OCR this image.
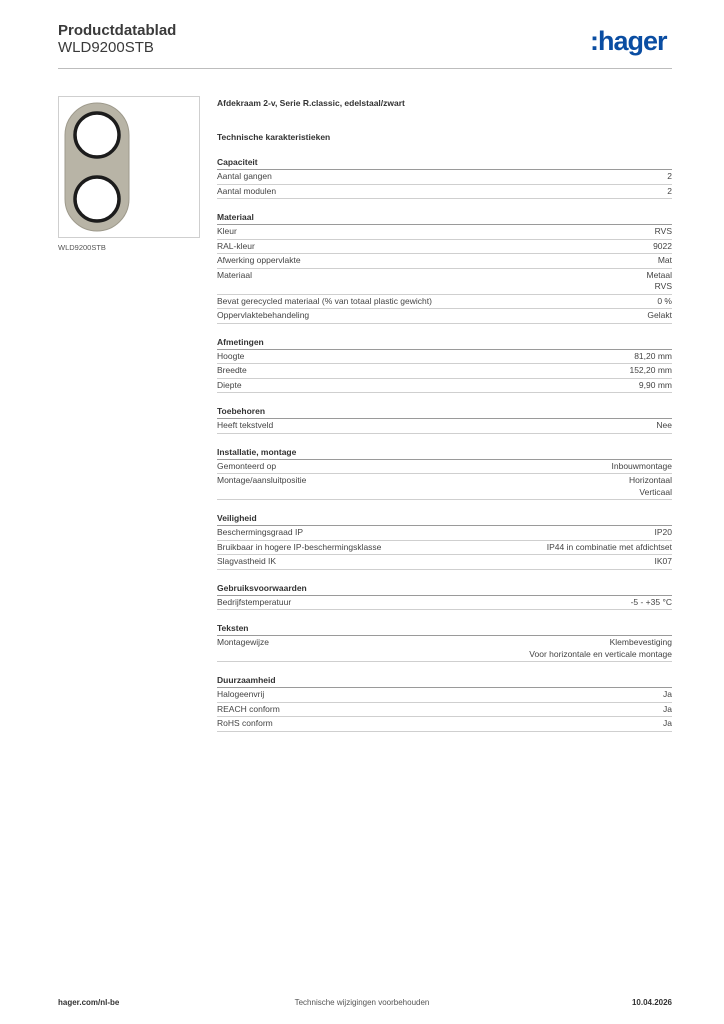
Productdatablad
WLD9200STB	:hager
WLD9200STB
Afdekraam 2-v, Serie R.classic, edelstaal/zwart
Technische karakteristieken
Capaciteit
Aantal gangen	2
Aantal modulen	2
Materiaal
Kleur	RVS
RAL-kleur	9022
Afwerking oppervlakte	Mat
Materiaal	Metaal
RVS
Bevat gerecycled materiaal (% van totaal plastic gewicht)	0 %
Oppervlaktebehandeling	Gelakt
Afmetingen
Hoogte	81,20 mm
Breedte	152,20 mm
Diepte	9,90 mm
Toebehoren
Heeft tekstveld	Nee
Installatie, montage
Gemonteerd op	Inbouwmontage
Montage/aansluitpositie	Horizontaal
Verticaal
Veiligheid
Beschermingsgraad IP	IP20
Bruikbaar in hogere IP-beschermingsklasse	IP44 in combinatie met afdichtset
Slagvastheid IK	IK07
Gebruiksvoorwaarden
Bedrijfstemperatuur	-5 - +35 °C
Teksten
Montagewijze	Klembevestiging
Voor horizontale en verticale montage
Duurzaamheid
Halogeenvrij	Ja
REACH conform	Ja
RoHS conform	Ja
hager.com/nl-be	Technische wijzigingen voorbehouden	10.04.2026
